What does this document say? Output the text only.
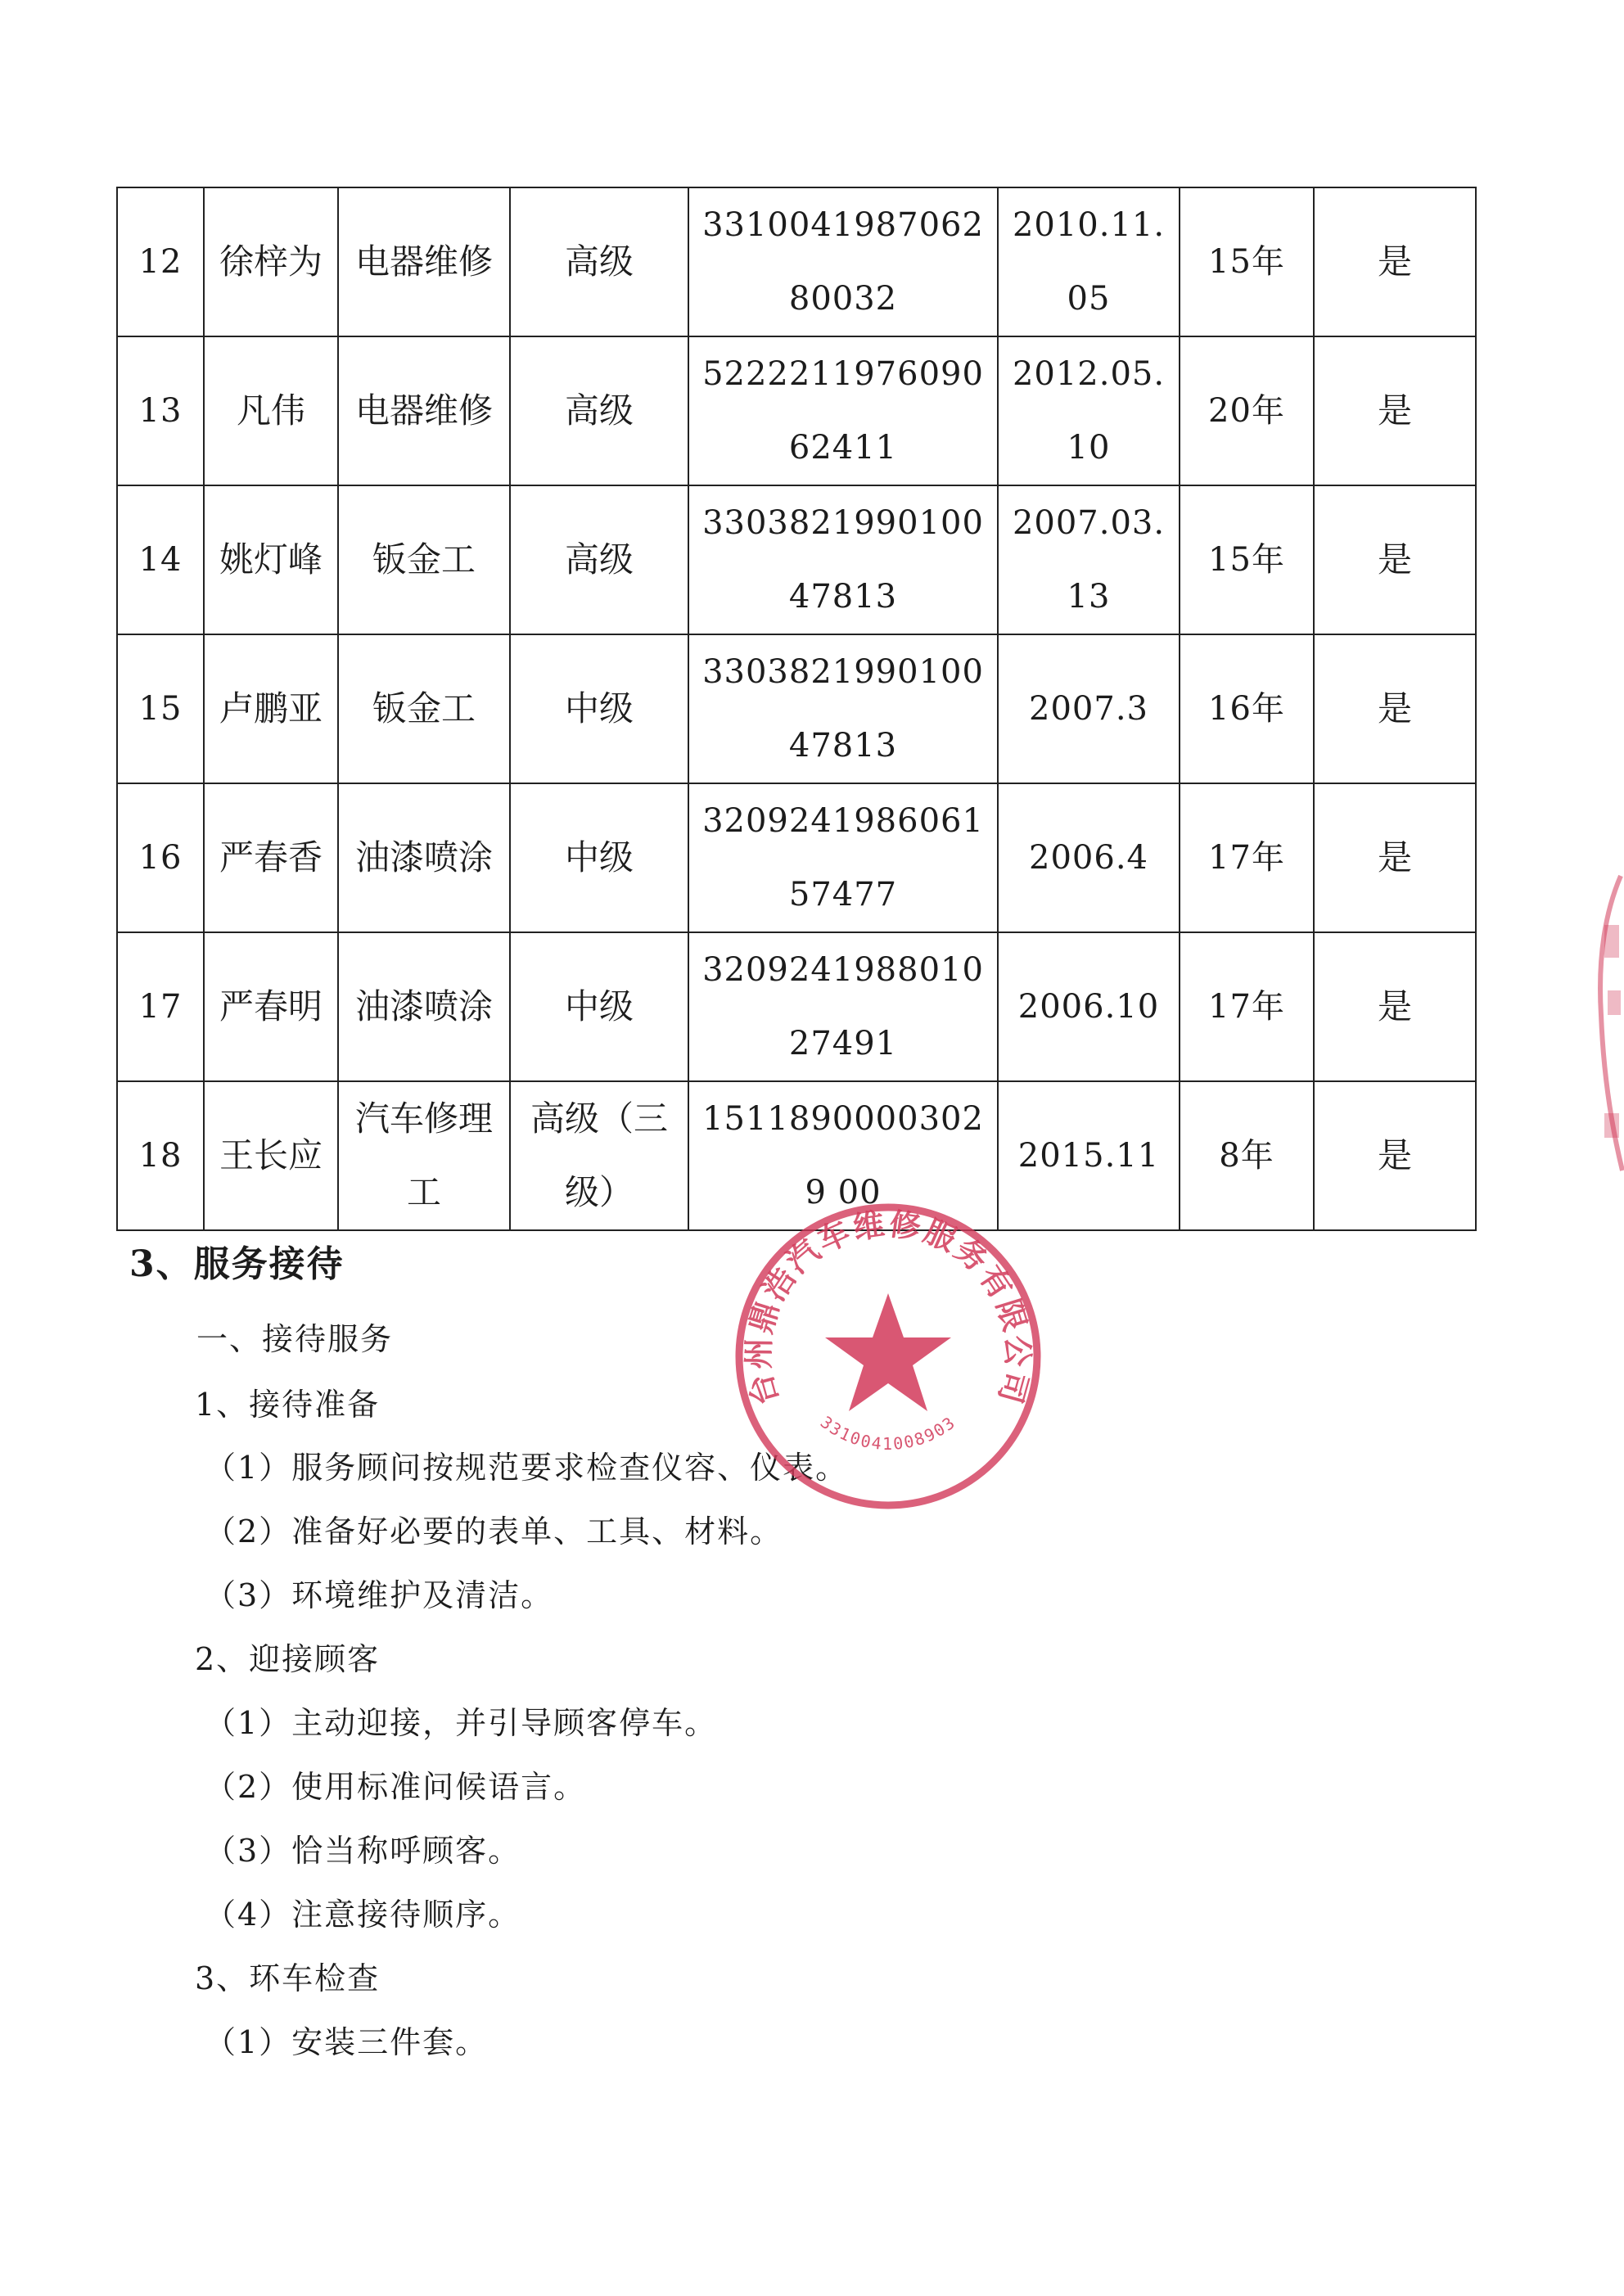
12	徐梓为	电器维修	高级	331004198706280032	2010.11.05	15年	是
13	凡伟	电器维修	高级	522221197609062411	2012.05.10	20年	是
14	姚灯峰	钣金工	高级	330382199010047813	2007.03.13	15年	是
15	卢鹏亚	钣金工	中级	330382199010047813	2007.3	16年	是
16	严春香	油漆喷涂	中级	320924198606157477	2006.4	17年	是
17	严春明	油漆喷涂	中级	320924198801027491	2006.10	17年	是
18	王长应	汽车修理工	高级（三级）	15118900003029 00	2015.11	8年	是
3、服务接待
一、接待服务
1、接待准备
（1）服务顾问按规范要求检查仪容、仪表。
（2）准备好必要的表单、工具、材料。
（3）环境维护及清洁。
2、迎接顾客
（1）主动迎接，并引导顾客停车。
（2）使用标准问候语言。
（3）恰当称呼顾客。
（4）注意接待顺序。
3、环车检查
（1）安装三件套。
台州鼎浩汽车维修服务有限公司
3310041008903
